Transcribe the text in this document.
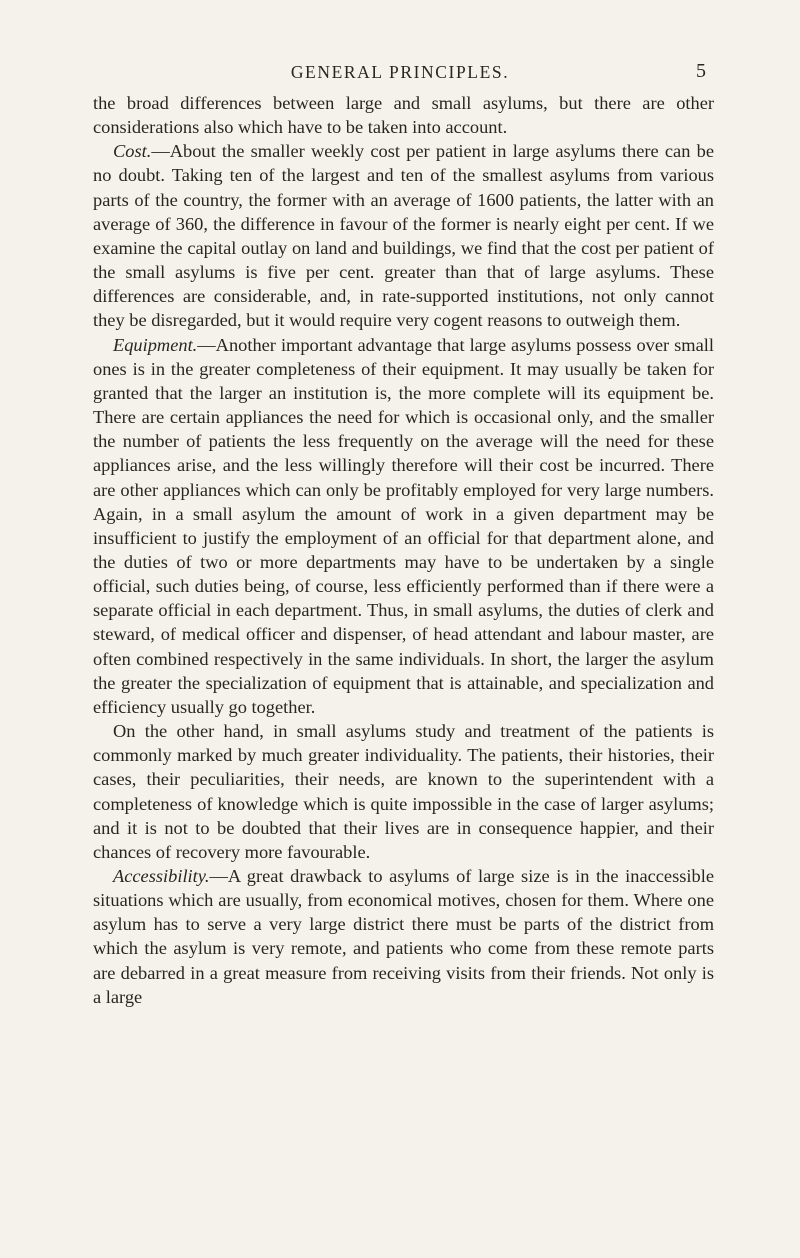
GENERAL PRINCIPLES.	5

the broad differences between large and small asylums, but there are other considerations also which have to be taken into account.

Cost.—About the smaller weekly cost per patient in large asylums there can be no doubt. Taking ten of the largest and ten of the smallest asylums from various parts of the country, the former with an average of 1600 patients, the latter with an average of 360, the difference in favour of the former is nearly eight per cent. If we examine the capital outlay on land and buildings, we find that the cost per patient of the small asylums is five per cent. greater than that of large asylums. These differences are considerable, and, in rate-supported institutions, not only cannot they be disregarded, but it would require very cogent reasons to outweigh them.

Equipment.—Another important advantage that large asylums possess over small ones is in the greater completeness of their equipment. It may usually be taken for granted that the larger an institution is, the more complete will its equipment be. There are certain appliances the need for which is occasional only, and the smaller the number of patients the less frequently on the average will the need for these appliances arise, and the less willingly therefore will their cost be incurred. There are other appliances which can only be profitably employed for very large numbers. Again, in a small asylum the amount of work in a given department may be insufficient to justify the employment of an official for that department alone, and the duties of two or more departments may have to be undertaken by a single official, such duties being, of course, less efficiently performed than if there were a separate official in each department. Thus, in small asylums, the duties of clerk and steward, of medical officer and dispenser, of head attendant and labour master, are often combined respectively in the same individuals. In short, the larger the asylum the greater the specialization of equipment that is attainable, and specialization and efficiency usually go together.

On the other hand, in small asylums study and treatment of the patients is commonly marked by much greater individuality. The patients, their histories, their cases, their peculiarities, their needs, are known to the superintendent with a completeness of knowledge which is quite impossible in the case of larger asylums; and it is not to be doubted that their lives are in consequence happier, and their chances of recovery more favourable.

Accessibility.—A great drawback to asylums of large size is in the inaccessible situations which are usually, from economical motives, chosen for them. Where one asylum has to serve a very large district there must be parts of the district from which the asylum is very remote, and patients who come from these remote parts are debarred in a great measure from receiving visits from their friends. Not only is a large
